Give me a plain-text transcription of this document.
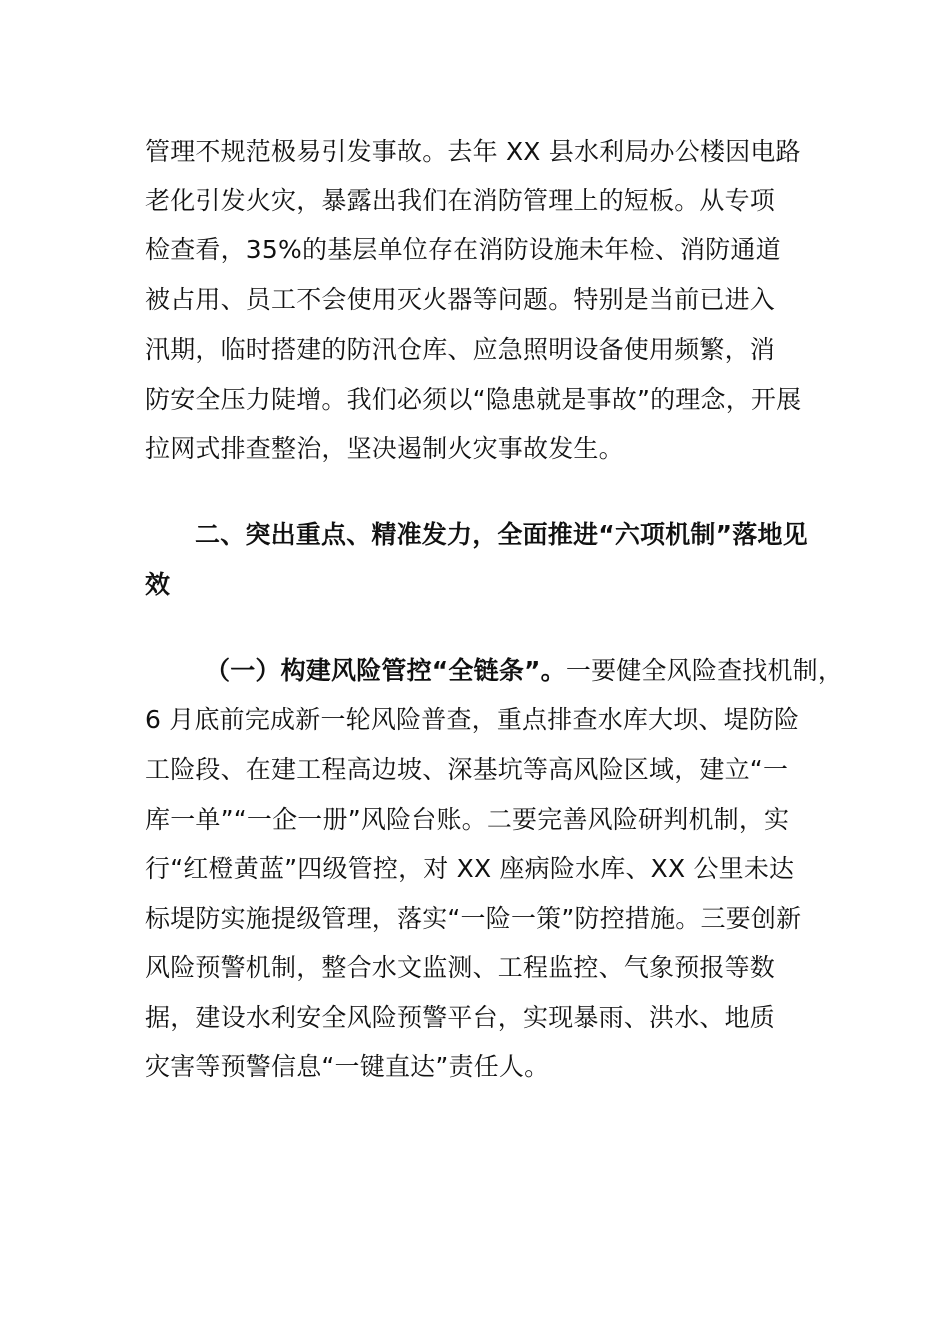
管理不规范极易引发事故。去年 XX 县水利局办公楼因电路
老化引发火灾，暴露出我们在消防管理上的短板。从专项
检查看，35%的基层单位存在消防设施未年检、消防通道
被占用、员工不会使用灭火器等问题。特别是当前已进入
汛期，临时搭建的防汛仓库、应急照明设备使用频繁，消
防安全压力陡增。我们必须以“隐患就是事故”的理念，开展
拉网式排查整治，坚决遏制火灾事故发生。
二、突出重点、精准发力，全面推进“六项机制”落地见
效
（一）构建风险管控“全链条”。一要健全风险查找机制，
6 月底前完成新一轮风险普查，重点排查水库大坝、堤防险
工险段、在建工程高边坡、深基坑等高风险区域，建立“一
库一单”“一企一册”风险台账。二要完善风险研判机制，实
行“红橙黄蓝”四级管控，对 XX 座病险水库、XX 公里未达
标堤防实施提级管理，落实“一险一策”防控措施。三要创新
风险预警机制，整合水文监测、工程监控、气象预报等数
据，建设水利安全风险预警平台，实现暴雨、洪水、地质
灾害等预警信息“一键直达”责任人。
